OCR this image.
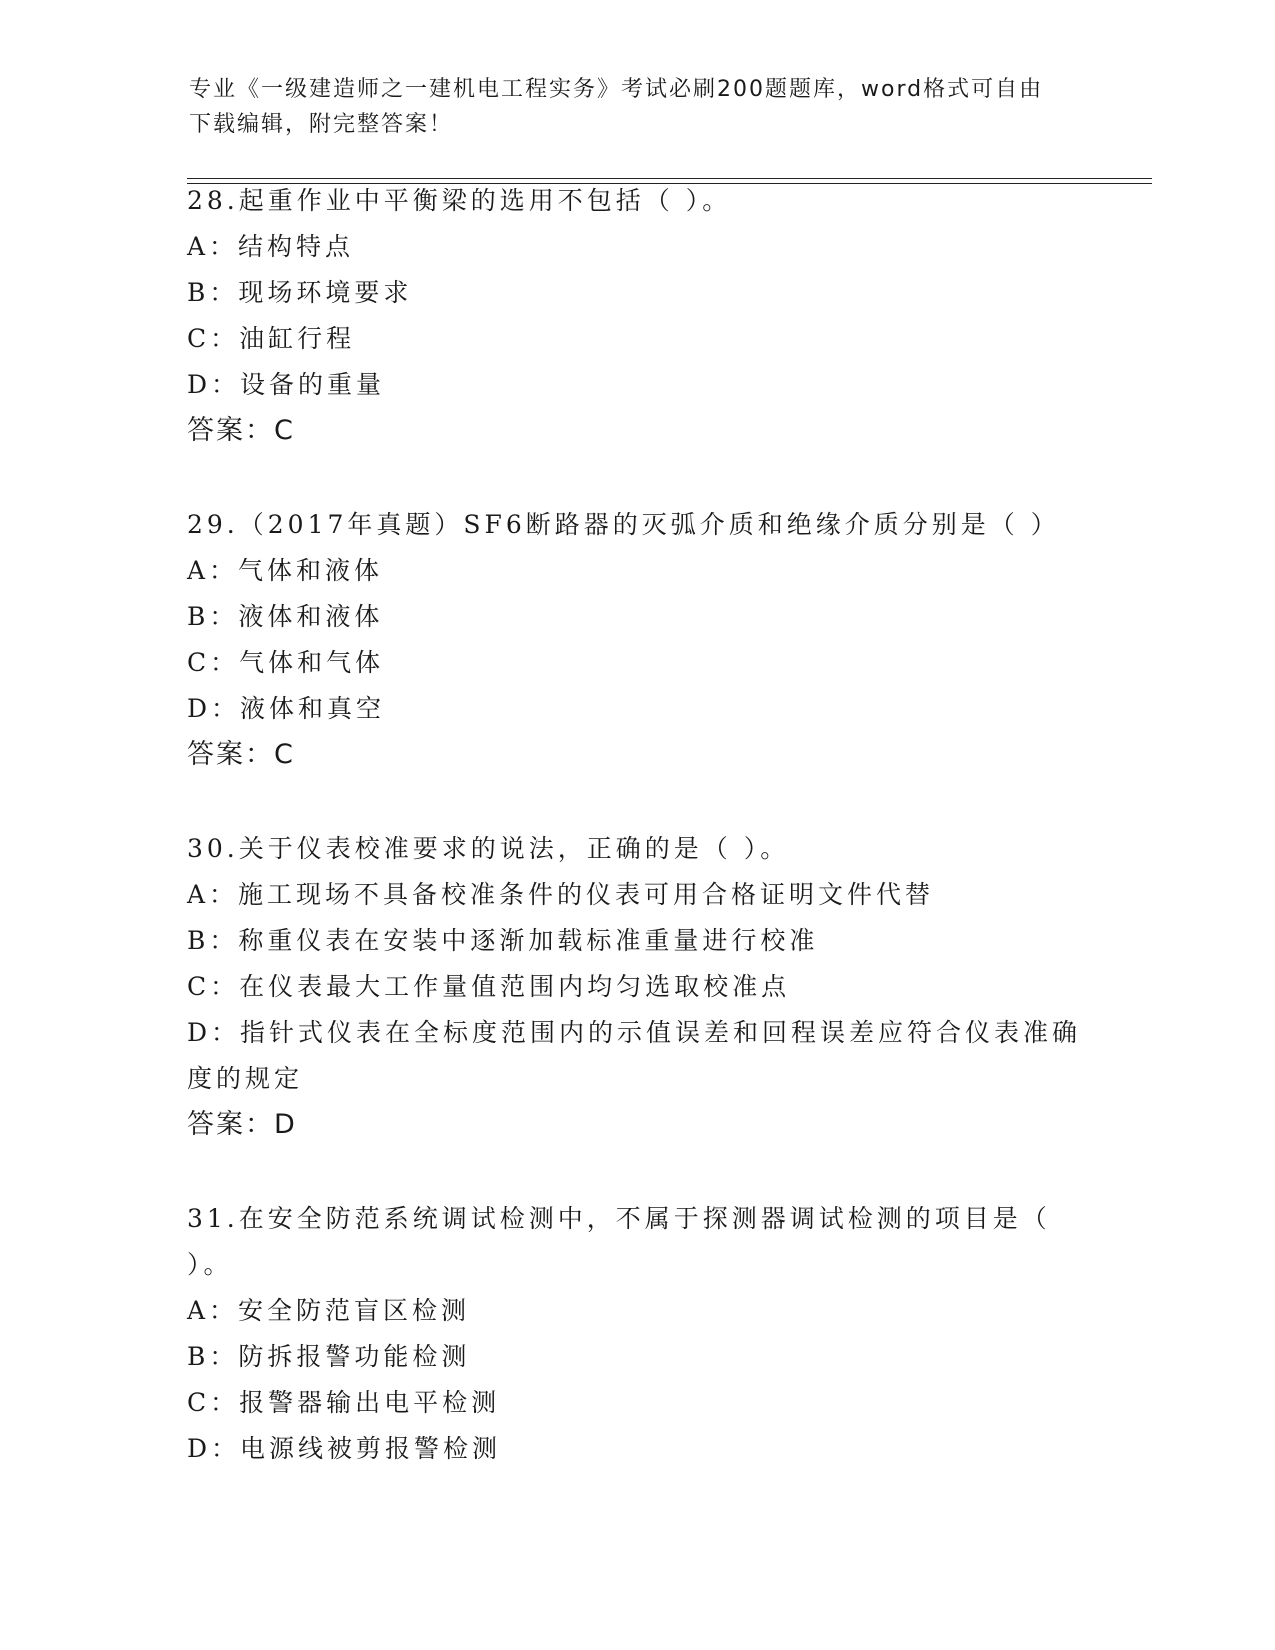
专业《一级建造师之一建机电工程实务》考试必刷200题题库，word格式可自由
下载编辑，附完整答案！
28.起重作业中平衡梁的选用不包括（ ）。
A：结构特点
B：现场环境要求
C：油缸行程
D：设备的重量
答案：C
29.（2017年真题）SF6断路器的灭弧介质和绝缘介质分别是（ ）
A：气体和液体
B：液体和液体
C：气体和气体
D：液体和真空
答案：C
30.关于仪表校准要求的说法，正确的是（ ）。
A：施工现场不具备校准条件的仪表可用合格证明文件代替
B：称重仪表在安装中逐渐加载标准重量进行校准
C：在仪表最大工作量值范围内均匀选取校准点
D：指针式仪表在全标度范围内的示值误差和回程误差应符合仪表准确
度的规定
答案：D
31.在安全防范系统调试检测中，不属于探测器调试检测的项目是（
）。
A：安全防范盲区检测
B：防拆报警功能检测
C：报警器输出电平检测
D：电源线被剪报警检测
